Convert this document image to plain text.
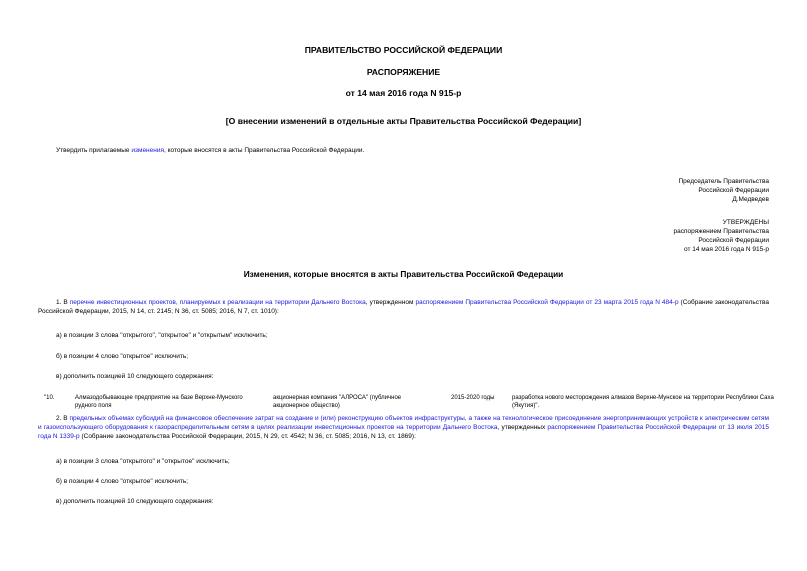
ПРАВИТЕЛЬСТВО РОССИЙСКОЙ ФЕДЕРАЦИИ
РАСПОРЯЖЕНИЕ
от 14 мая 2016 года N 915-р
[О внесении изменений в отдельные акты Правительства Российской Федерации]
Утвердить прилагаемые изменения, которые вносятся в акты Правительства Российской Федерации.
Председатель Правительства
Российской Федерации
Д.Медведев
УТВЕРЖДЕНЫ
распоряжением Правительства
Российской Федерации
от 14 мая 2016 года N 915-р
Изменения, которые вносятся в акты Правительства Российской Федерации
1. В перечне инвестиционных проектов, планируемых к реализации на территории Дальнего Востока, утвержденном распоряжением Правительства Российской Федерации от 23 марта 2015 года N 484-р (Собрание законодательства Российской Федерации, 2015, N 14, ст. 2145; N 36, ст. 5085; 2016, N 7, ст. 1010):
а) в позиции 3 слова "открытого", "открытое" и "открытым" исключить;
б) в позиции 4 слово "открытое" исключить;
в) дополнить позицией 10 следующего содержания:
"10.	Алмазодобывающее предприятие на базе Верхне-Мунского рудного поля
акционерная компания "АЛРОСА" (публичное акционерное общество)
2015-2020 годы	разработка нового месторождения алмазов Верхне-Мунское на территории Республики Саха (Якутия)".
2. В предельных объемах субсидий на финансовое обеспечение затрат на создание и (или) реконструкцию объектов инфраструктуры, а также на технологическое присоединение энергопринимающих устройств к электрическим сетям и газоиспользующего оборудования к газораспределительным сетям в целях реализации инвестиционных проектов на территории Дальнего Востока, утвержденных распоряжением Правительства Российской Федерации от 13 июля 2015 года N 1339-р (Собрание законодательства Российской Федерации, 2015, N 29, ст. 4542; N 36, ст. 5085; 2016, N 13, ст. 1869):
а) в позиции 3 слова "открытого" и "открытое" исключить;
б) в позиции 4 слово "открытое" исключить;
в) дополнить позицией 10 следующего содержания:
